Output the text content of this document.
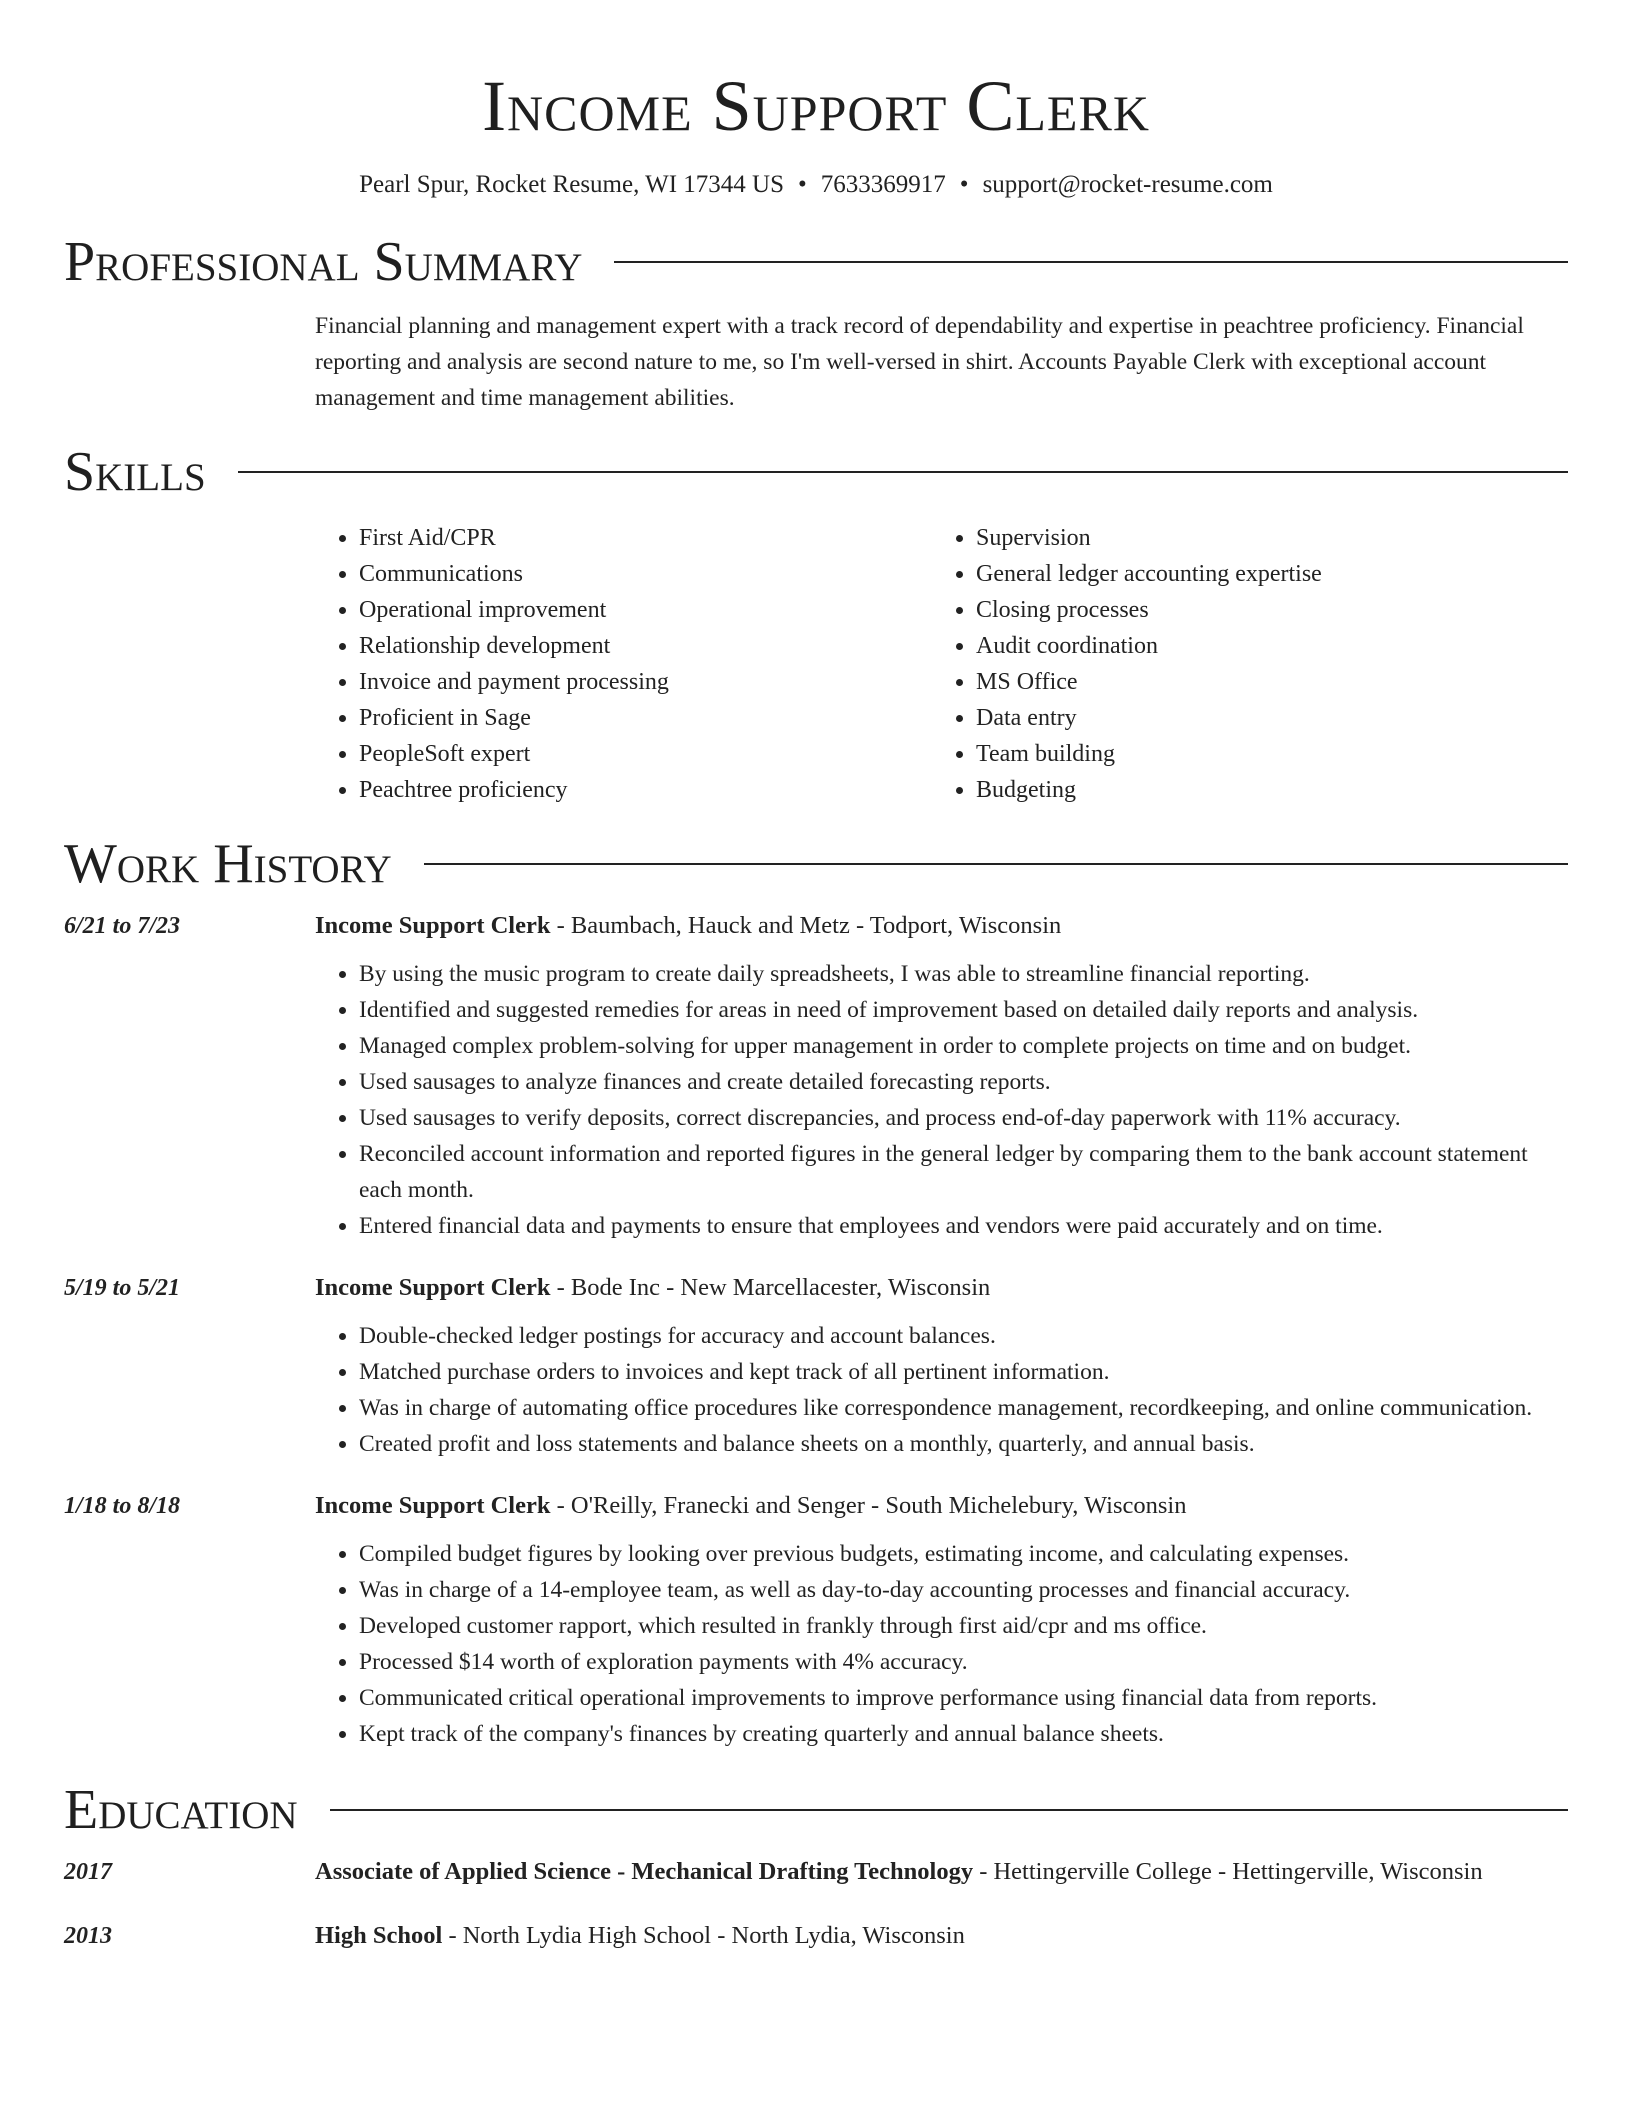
Income Support Clerk
Pearl Spur, Rocket Resume, WI 17344 US • 7633369917 • support@rocket-resume.com
Professional Summary

Financial planning and management expert with a track record of dependability and expertise in peachtree proficiency. Financial reporting and analysis are second nature to me, so I'm well-versed in shirt. Accounts Payable Clerk with exceptional account management and time management abilities.

Skills
• First Aid/CPR
• Communications
• Operational improvement
• Relationship development
• Invoice and payment processing
• Proficient in Sage
• PeopleSoft expert
• Peachtree proficiency
• Supervision
• General ledger accounting expertise
• Closing processes
• Audit coordination
• MS Office
• Data entry
• Team building
• Budgeting
Work History
6/21 to 7/23	Income Support Clerk - Baumbach, Hauck and Metz - Todport, Wisconsin
• By using the music program to create daily spreadsheets, I was able to streamline financial reporting.
• Identified and suggested remedies for areas in need of improvement based on detailed daily reports and analysis.
• Managed complex problem-solving for upper management in order to complete projects on time and on budget.
• Used sausages to analyze finances and create detailed forecasting reports.
• Used sausages to verify deposits, correct discrepancies, and process end-of-day paperwork with 11% accuracy.
• Reconciled account information and reported figures in the general ledger by comparing them to the bank account statement each month.
• Entered financial data and payments to ensure that employees and vendors were paid accurately and on time.
5/19 to 5/21	Income Support Clerk - Bode Inc - New Marcellacester, Wisconsin
• Double-checked ledger postings for accuracy and account balances.
• Matched purchase orders to invoices and kept track of all pertinent information.
• Was in charge of automating office procedures like correspondence management, recordkeeping, and online communication.
• Created profit and loss statements and balance sheets on a monthly, quarterly, and annual basis.
1/18 to 8/18	Income Support Clerk - O'Reilly, Franecki and Senger - South Michelebury, Wisconsin
• Compiled budget figures by looking over previous budgets, estimating income, and calculating expenses.
• Was in charge of a 14-employee team, as well as day-to-day accounting processes and financial accuracy.
• Developed customer rapport, which resulted in frankly through first aid/cpr and ms office.
• Processed $14 worth of exploration payments with 4% accuracy.
• Communicated critical operational improvements to improve performance using financial data from reports.
• Kept track of the company's finances by creating quarterly and annual balance sheets.
Education
2017	Associate of Applied Science - Mechanical Drafting Technology - Hettingerville College - Hettingerville, Wisconsin
2013	High School - North Lydia High School - North Lydia, Wisconsin
